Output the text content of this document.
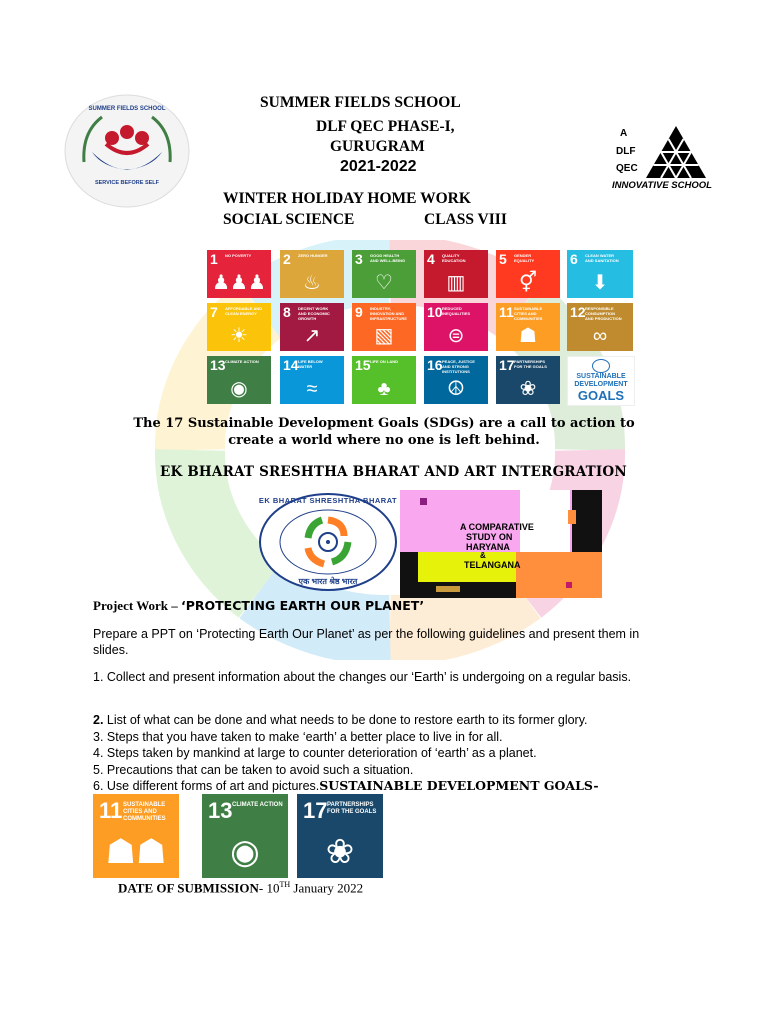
SUMMER FIELDS SCHOOL
SERVICE BEFORE SELF
SUMMER FIELDS SCHOOL
DLF QEC PHASE-I,
GURUGRAM
2021-2022
WINTER HOLIDAY HOME WORK
SOCIAL SCIENCE	CLASS VIII
A
DLF
QEC
INNOVATIVE SCHOOL
1 NO POVERTY
♟♟♟
2 ZERO HUNGER
♨
3 GOOD HEALTH AND WELL-BEING
♡
4 QUALITY EDUCATION
▥
5 GENDER EQUALITY
⚥
6 CLEAN WATER AND SANITATION
⬇
7 AFFORDABLE AND CLEAN ENERGY
☀
8 DECENT WORK AND ECONOMIC GROWTH
↗
9 INDUSTRY, INNOVATION AND INFRASTRUCTURE
▧
10 REDUCED INEQUALITIES
⊜
11 SUSTAINABLE CITIES AND COMMUNITIES
☗
12 RESPONSIBLE CONSUMPTION AND PRODUCTION
∞
13 CLIMATE ACTION
◉
14 LIFE BELOW WATER
≈
15 LIFE ON LAND
♣
16 PEACE, JUSTICE AND STRONG INSTITUTIONS
☮
17 PARTNERSHIPS FOR THE GOALS
❀
SUSTAINABLE
DEVELOPMENT
GOALS
The 17 Sustainable Development Goals (SDGs) are a call to action to
create a world where no one is left behind.
EK BHARAT SRESHTHA BHARAT AND ART INTERGRATION
EK BHARAT SHRESHTHA BHARAT
एक भारत श्रेष्ठ भारत
A COMPARATIVE
STUDY ON
HARYANA
&
TELANGANA
Project Work – ‘PROTECTING EARTH OUR PLANET’
Prepare a PPT on ‘Protecting Earth Our Planet’ as per the following guidelines and present them in slides.
1. Collect and present information about the changes our ‘Earth’ is undergoing on a regular basis.
2. List of what can be done and what needs to be done to restore earth to its former glory.
3. Steps that you have taken to make ‘earth’ a better place to live in for all.
4. Steps taken by mankind at large to counter deterioration of ‘earth’ as a planet.
5. Precautions that can be taken to avoid such a situation.
6. Use different forms of art and pictures.SUSTAINABLE DEVELOPMENT GOALS-
11 SUSTAINABLE CITIES AND COMMUNITIES
☗☗
13 CLIMATE ACTION
◉
17 PARTNERSHIPS FOR THE GOALS
❀
DATE OF SUBMISSION- 10TH January 2022
